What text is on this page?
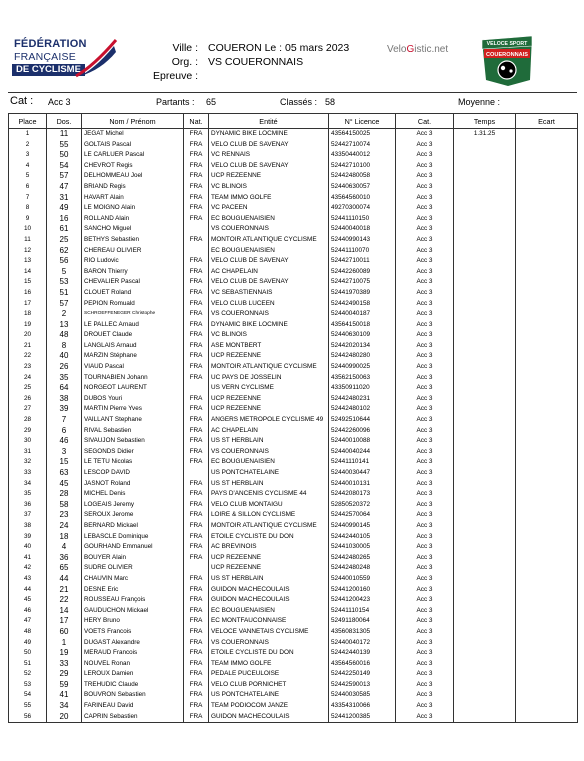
FÉDÉRATION
FRANÇAISE
DE CYCLISME
Ville : COUERON Le : 05 mars 2023
Org. : VS COUERONNAIS
Epreuve :
VeloGistic.net	VELOCE SPORT
COUERONNAIS
Cat : Acc 3	Partants : 65	Classés : 58	Moyenne :
Place	Dos.	Nom / Prénom	Nat.	Entité	N° Licence	Cat.	Temps	Ecart
1	11	JEGAT Michel	FRA	DYNAMIC BIKE LOCMINE	43564150025	Acc 3	1.31.25	
2	55	GOLTAIS Pascal	FRA	VELO CLUB DE SAVENAY	52442710074	Acc 3		
3	50	LE CARLUER Pascal	FRA	VC RENNAIS	43350440012	Acc 3		
4	54	CHEVROT Regis	FRA	VELO CLUB DE SAVENAY	52442710100	Acc 3		
5	57	DELHOMMEAU Joel	FRA	UCP REZEENNE	52442480058	Acc 3		
6	47	BRIAND Regis	FRA	VC BLINOIS	52440630057	Acc 3		
7	31	HAVART Alain	FRA	TEAM IMMO GOLFE	43564560010	Acc 3		
8	49	LE MOIGNO Alain	FRA	VC PACEEN	49270300074	Acc 3		
9	16	ROLLAND Alain	FRA	EC BOUGUENAISIEN	52441110150	Acc 3		
10	61	SANCHO Miguel		VS COUERONNAIS	52440040018	Acc 3		
11	25	BETHYS Sebastien	FRA	MONTOIR ATLANTIQUE CYCLISME	52440990143	Acc 3		
12	62	CHEREAU OLIVIER		EC BOUGUENAISIEN	52441110070	Acc 3		
13	56	RIO Ludovic	FRA	VELO CLUB DE SAVENAY	52442710011	Acc 3		
14	5	BARON Thierry	FRA	AC CHAPELAIN	52442260089	Acc 3		
15	53	CHEVALIER Pascal	FRA	VELO CLUB DE SAVENAY	52442710075	Acc 3		
16	51	CLOUET Roland	FRA	VC SEBASTIENNAIS	52441970389	Acc 3		
17	57	PEPION Romuald	FRA	VELO CLUB LUCEEN	52442490158	Acc 3		
18	2	SCHROEFFENEGER Christophe	FRA	VS COUERONNAIS	52440040187	Acc 3		
19	13	LE PALLEC Arnaud	FRA	DYNAMIC BIKE LOCMINE	43564150018	Acc 3		
20	48	DROUET Claude	FRA	VC BLINOIS	52440630109	Acc 3		
21	8	LANGLAIS Arnaud	FRA	ASE MONTBERT	52442020134	Acc 3		
22	40	MARZIN Stéphane	FRA	UCP REZEENNE	52442480280	Acc 3		
23	26	VIAUD Pascal	FRA	MONTOIR ATLANTIQUE CYCLISME	52440990025	Acc 3		
24	35	TOURNABIEN Johann	FRA	UC PAYS DE JOSSELIN	43562150063	Acc 3		
25	64	NORGEOT LAURENT		US VERN CYCLISME	43350911020	Acc 3		
26	38	DUBOS Youri	FRA	UCP REZEENNE	52442480231	Acc 3		
27	39	MARTIN Pierre Yves	FRA	UCP REZEENNE	52442480102	Acc 3		
28	7	VAILLANT Stephane	FRA	ANGERS METROPOLE CYCLISME 49	52492510644	Acc 3		
29	6	RIVAL Sebastien	FRA	AC CHAPELAIN	52442260096	Acc 3		
30	46	SIVAUJON Sebastien	FRA	US ST HERBLAIN	52440010088	Acc 3		
31	3	SEGONDS Didier	FRA	VS COUERONNAIS	52440040244	Acc 3		
32	15	LE TETU Nicolas	FRA	EC BOUGUENAISIEN	52441110141	Acc 3		
33	63	LESCOP DAVID		US PONTCHATELAINE	52440030447	Acc 3		
34	45	JASNOT Roland	FRA	US ST HERBLAIN	52440010131	Acc 3		
35	28	MICHEL Denis	FRA	PAYS D'ANCENIS CYCLISME 44	52442080173	Acc 3		
36	58	LOGEAIS Jeremy	FRA	VELO CLUB MONTAIGU	52850520372	Acc 3		
37	23	SEROUX Jerome	FRA	LOIRE & SILLON CYCLISME	52442570064	Acc 3		
38	24	BERNARD Mickael	FRA	MONTOIR ATLANTIQUE CYCLISME	52440990145	Acc 3		
39	18	LEBASCLE Dominique	FRA	ETOILE CYCLISTE DU DON	52442440105	Acc 3		
40	4	GOURHAND Emmanuel	FRA	AC BREVINOIS	52441030005	Acc 3		
41	36	BOUYER Alain	FRA	UCP REZEENNE	52442480265	Acc 3		
42	65	SUDRE OLIVIER		UCP REZEENNE	52442480248	Acc 3		
43	44	CHAUVIN Marc	FRA	US ST HERBLAIN	52440010559	Acc 3		
44	21	DESNE Eric	FRA	GUIDON MACHECOULAIS	52441200160	Acc 3		
45	22	ROUSSEAU François	FRA	GUIDON MACHECOULAIS	52441200423	Acc 3		
46	14	GAUDUCHON Mickael	FRA	EC BOUGUENAISIEN	52441110154	Acc 3		
47	17	HERY Bruno	FRA	EC MONTFAUCONNAISE	52491180064	Acc 3		
48	60	VOETS Francois	FRA	VELOCE VANNETAIS CYCLISME	43560831305	Acc 3		
49	1	DUGAST Alexandre	FRA	VS COUERONNAIS	52440040172	Acc 3		
50	19	MERAUD Francois	FRA	ETOILE CYCLISTE DU DON	52442440139	Acc 3		
51	33	NOUVEL Ronan	FRA	TEAM IMMO GOLFE	43564560016	Acc 3		
52	29	LEROUX Damien	FRA	PEDALE PUCEULOISE	52442250149	Acc 3		
53	59	TREHUDIC Claude	FRA	VELO CLUB PORNICHET	52442590013	Acc 3		
54	41	BOUVRON Sebastien	FRA	US PONTCHATELAINE	52440030585	Acc 3		
55	34	FARINEAU David	FRA	TEAM PODIOCOM JANZE	43354310066	Acc 3		
56	20	CAPRIN Sebastien	FRA	GUIDON MACHECOULAIS	52441200385	Acc 3		
